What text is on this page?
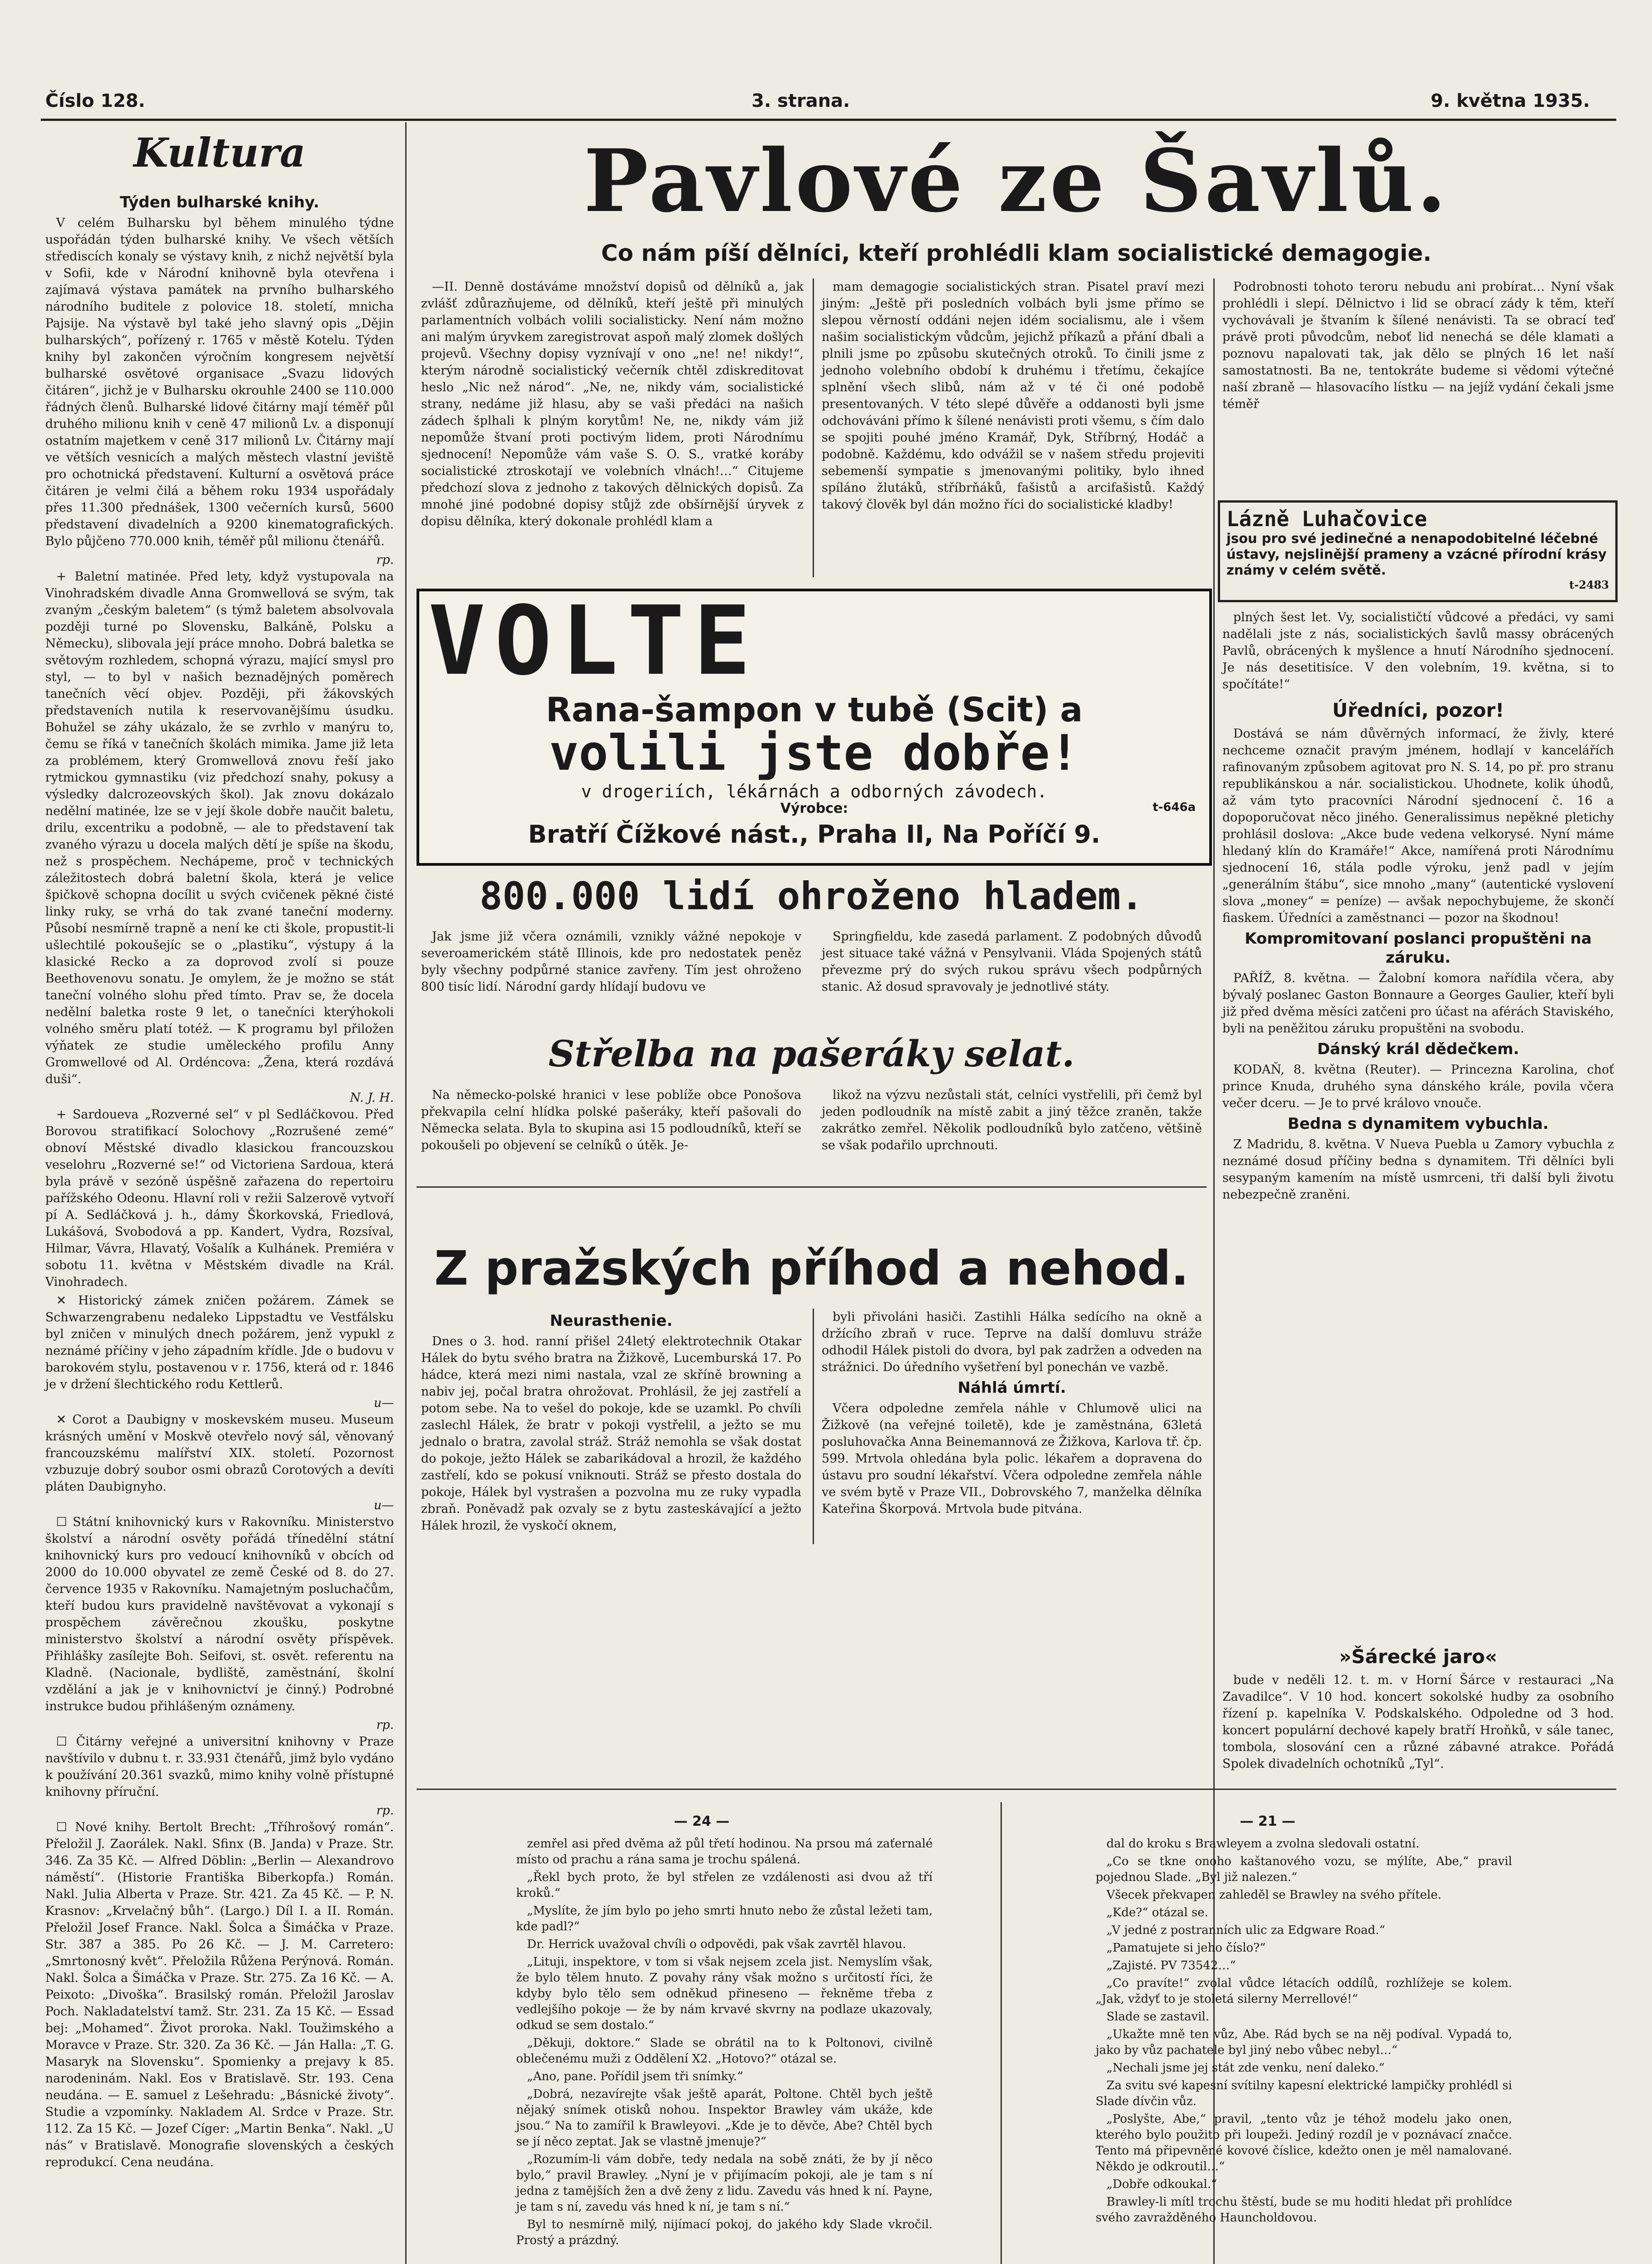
Číslo 128.	3. strana.	9. května 1935.
Kultura
Týden bulharské knihy.

V celém Bulharsku byl během minulého týdne uspořádán týden bulharské knihy. Ve všech větších střediscích konaly se výstavy knih, z nichž největší byla v Sofii, kde v Národní knihovně byla otevřena i zajímavá výstava památek na prvního bulharského národního buditele z polovice 18. století, mnicha Pajsije. Na výstavě byl také jeho slavný opis „Dějin bulharských“, pořízený r. 1765 v městě Kotelu. Týden knihy byl zakončen výročním kongresem největší bulharské osvětové organisace „Svazu lidových čitáren“, jichž je v Bulharsku okrouhle 2400 se 110.000 řádných členů. Bulharské lidové čitárny mají téměř půl druhého milionu knih v ceně 47 milionů Lv. a disponují ostatním majetkem v ceně 317 milionů Lv. Čitárny mají ve větších vesnicích a malých městech vlastní jeviště pro ochotnická představení. Kulturní a osvětová práce čitáren je velmi čilá a během roku 1934 uspořádaly přes 11.300 přednášek, 1300 večerních kursů, 5600 představení divadelních a 9200 kinematografických. Bylo půjčeno 770.000 knih, téměř půl milionu čtenářů.

rp.

+ Baletní matinée. Před lety, když vystupovala na Vinohradském divadle Anna Gromwellová se svým, tak zvaným „českým baletem“ (s týmž baletem absolvovala později turné po Slovensku, Balkáně, Polsku a Německu), slibovala její práce mnoho. Dobrá baletka se světovým rozhledem, schopná výrazu, mající smysl pro styl, — to byl v našich beznadějných poměrech tanečních věcí objev. Později, při žákovských představeních nutila k reservovanějšímu úsudku. Bohužel se záhy ukázalo, že se zvrhlo v manýru to, čemu se říká v tanečních školách mimika. Jame již leta za problémem, který Gromwellová znovu řeší jako rytmickou gymnastiku (viz předchozí snahy, pokusy a výsledky dalcrozeovských škol). Jak znovu dokázalo nedělní matinée, lze se v její škole dobře naučit baletu, drilu, excentriku a podobně, — ale to představení tak zvaného výrazu u docela malých dětí je spíše na škodu, než s prospěchem. Nechápeme, proč v technických záležitostech dobrá baletní škola, která je velice špičkově schopna docílit u svých cvičenek pěkné čisté linky ruky, se vrhá do tak zvané taneční moderny. Působí nesmírně trapně a není ke cti škole, propustit-li ušlechtilé pokoušejíc se o „plastiku“, výstupy á la klasické Recko a za doprovod zvolí si pouze Beethovenovu sonatu. Je omylem, že je možno se stát taneční volného slohu před tímto. Prav se, že docela nedělní baletka roste 9 let, o tanečníci kterýhokoli volného směru platí totéž. — K programu byl přiložen výňatek ze studie uměleckého profilu Anny Gromwellové od Al. Ordéncova: „Žena, která rozdává duši“.

N. J. H.

+ Sardoueva „Rozverné sel“ v pl Sedláčkovou. Před Borovou stratifikací Solochovy „Rozrušené zemé“ obnoví Městské divadlo klasickou francouzskou veselohru „Rozverné se!“ od Victoriena Sardoua, která byla právě v sezóně úspěšně zařazena do repertoiru pařížského Odeonu. Hlavní roli v režii Salzerově vytvoří pí A. Sedláčková j. h., dámy Škorkovská, Friedlová, Lukášová, Svobodová a pp. Kandert, Vydra, Rozsíval, Hilmar, Vávra, Hlavatý, Vošalík a Kulhánek. Premiéra v sobotu 11. května v Městském divadle na Král. Vinohradech.

✕ Historický zámek zničen požárem. Zámek se Schwarzengrabenu nedaleko Lippstadtu ve Vestfálsku byl zničen v minulých dnech požárem, jenž vypukl z neznámé příčiny v jeho západním křídle. Jde o budovu v barokovém stylu, postavenou v r. 1756, která od r. 1846 je v držení šlechtického rodu Kettlerů.

u—

✕ Corot a Daubigny v moskevském museu. Museum krásných umění v Moskvě otevřelo nový sál, věnovaný francouzskému malířství XIX. století. Pozornost vzbuzuje dobrý soubor osmi obrazů Corotových a devíti pláten Daubignyho.

u—

☐ Státní knihovnický kurs v Rakovníku. Ministerstvo školství a národní osvěty pořádá třínedělní státní knihovnický kurs pro vedoucí knihovníků v obcích od 2000 do 10.000 obyvatel ze země České od 8. do 27. července 1935 v Rakovníku. Namajetným posluchačům, kteří budou kurs pravidelně navštěvovat a vykonají s prospěchem závěrečnou zkoušku, poskytne ministerstvo školství a národní osvěty příspěvek. Přihlášky zasílejte Boh. Seifovi, st. osvět. referentu na Kladně. (Nacionale, bydliště, zaměstnání, školní vzdělání a jak je v knihovnictví je činný.) Podrobné instrukce budou přihlášeným oznámeny.

rp.

☐ Čitárny veřejné a universitní knihovny v Praze navštívilo v dubnu t. r. 33.931 čtenářů, jimž bylo vydáno k používání 20.361 svazků, mimo knihy volně přístupné knihovny příruční.

rp.

☐ Nové knihy. Bertolt Brecht: „Tříhrošový román“. Přeložil J. Zaorálek. Nakl. Sfinx (B. Janda) v Praze. Str. 346. Za 35 Kč. — Alfred Döblin: „Berlin — Alexandrovo náměstí“. (Historie Františka Biberkopfa.) Román. Nakl. Julia Alberta v Praze. Str. 421. Za 45 Kč. — P. N. Krasnov: „Krvelačný bůh“. (Largo.) Díl I. a II. Román. Přeložil Josef France. Nakl. Šolca a Šimáčka v Praze. Str. 387 a 385. Po 26 Kč. — J. M. Carretero: „Smrtonosný květ“. Přeložila Růžena Perýnová. Román. Nakl. Šolca a Šimáčka v Praze. Str. 275. Za 16 Kč. — A. Peixoto: „Divoška“. Brasilský román. Přeložil Jaroslav Poch. Nakladatelství tamž. Str. 231. Za 15 Kč. — Essad bej: „Mohamed“. Život proroka. Nakl. Toužimského a Moravce v Praze. Str. 320. Za 36 Kč. — Ján Halla: „T. G. Masaryk na Slovensku“. Spomienky a prejavy k 85. narodeninám. Nakl. Eos v Bratislavě. Str. 193. Cena neudána. — E. samuel z Lešehradu: „Básnické životy“. Studie a vzpomínky. Nakladem Al. Srdce v Praze. Str. 112. Za 15 Kč. — Jozef Cíger: „Martin Benka“. Nakl. „U nás“ v Bratislavě. Monografie slovenských a českých reprodukcí. Cena neudána.

Pavlové ze Šavlů.
Co nám píší dělníci, kteří prohlédli klam socialistické demagogie.

—II. Denně dostáváme množství dopisů od dělníků a, jak zvlášť zdůrazňujeme, od dělníků, kteří ještě při minulých parlamentních volbách volili socialisticky. Není nám možno ani malým úryvkem zaregistrovat aspoň malý zlomek došlých projevů. Všechny dopisy vyznívají v ono „ne! ne! nikdy!“, kterým národně socialistický večerník chtěl zdiskreditovat heslo „Nic než národ“. „Ne, ne, nikdy vám, socialistické strany, nedáme již hlasu, aby se vaši předáci na našich zádech šplhali k plným korytům! Ne, ne, nikdy vám již nepomůže štvaní proti poctivým lidem, proti Národnímu sjednocení! Nepomůže vám vaše S. O. S., vratké koráby socialistické ztroskotají ve volebních vlnách!…“ Citujeme předchozí slova z jednoho z takových dělnických dopisů. Za mnohé jiné podobné dopisy stůjž zde obšírnější úryvek z dopisu dělníka, který dokonale prohlédl klam a

mam demagogie socialistických stran. Pisatel praví mezi jiným: „Ještě při posledních volbách byli jsme přímo se slepou věrností oddáni nejen idém socialismu, ale i všem našim socialistickým vůdcům, jejichž příkazů a přání dbali a plnili jsme po způsobu skutečných otroků. To činili jsme z jednoho volebního období k druhému i třetímu, čekajíce splnění všech slibů, nám až v té či oné podobě presentovaných. V této slepé důvěře a oddanosti byli jsme odchováváni přímo k šílené nenávisti proti všemu, s čím dalo se spojiti pouhé jméno Kramář, Dyk, Stříbrný, Hodáč a podobně. Každému, kdo odvážil se v našem středu projeviti sebemenší sympatie s jmenovanými politiky, bylo ihned spíláno žlutáků, stříbrňáků, fašistů a arcifašistů. Každý takový člověk byl dán možno říci do socialistické kladby!

Podrobnosti tohoto teroru nebudu ani probírat… Nyní však prohlédli i slepí. Dělnictvo i lid se obrací zády k těm, kteří vychovávali je štvaním k šílené nenávisti. Ta se obrací teď právě proti původcům, neboť lid nenechá se déle klamati a poznovu napalovati tak, jak dělo se plných 16 let naší samostatnosti. Ba ne, tentokráte budeme si vědomi výtečné naší zbraně — hlasovacího lístku — na jejíž vydání čekali jsme téměř

Lázně Luhačovice
jsou pro své jedinečné a nenapodobitelné léčebné ústavy, nejslinější prameny a vzácné přírodní krásy známy v celém světě.
t-2483

plných šest let. Vy, socialističtí vůdcové a předáci, vy sami nadělali jste z nás, socialistických šavlů massy obrácených Pavlů, obrácených k myšlence a hnutí Národního sjednocení. Je nás desetitisíce. V den volebním, 19. května, si to spočítáte!“

Úředníci, pozor!

Dostává se nám důvěrných informací, že živly, které nechceme označit pravým jménem, hodlají v kancelářích rafinovaným způsobem agitovat pro N. S. 14, po př. pro stranu republikánskou a nár. socialistickou. Uhodnete, kolik úhodů, až vám tyto pracovníci Národní sjednocení č. 16 a dopoporučovat něco jiného. Generalissimus nepěkné pletichy prohlásil doslova: „Akce bude vedena velkorysé. Nyní máme hledaný klín do Kramáře!“ Akce, namířená proti Národnímu sjednocení 16, stála podle výroku, jenž padl v jejím „generálním štábu“, sice mnoho „many“ (autentické vyslovení slova „money“ = peníze) — avšak nepochybujeme, že skončí fiaskem. Úředníci a zaměstnanci — pozor na škodnou!

Kompromitovaní poslanci propuštěni na záruku.

PAŘÍŽ, 8. května. — Žalobní komora nařídila včera, aby bývalý poslanec Gaston Bonnaure a Georges Gaulier, kteří byli již před dvěma měsíci zatčeni pro účast na aférách Staviského, byli na peněžitou záruku propuštěni na svobodu.

Dánský král dědečkem.

KODAŇ, 8. května (Reuter). — Princezna Karolina, choť prince Knuda, druhého syna dánského krále, povila včera večer dceru. — Je to prvé královo vnouče.

Bedna s dynamitem vybuchla.

Z Madridu, 8. května. V Nueva Puebla u Zamory vybuchla z neznámé dosud příčiny bedna s dynamitem. Tři dělníci byli sesypaným kamením na místě usmrceni, tři další byli životu nebezpečně zraněni.

VOLTE
Rana-šampon v tubě (Scit) a
volili jste dobře!
v drogeriích, lékárnách a odborných závodech.
Výrobce:	t-646a
Bratří Čížkové nást., Praha II, Na Poříčí 9.
800.000 lidí ohroženo hladem.

Jak jsme již včera oznámili, vznikly vážné nepokoje v severoamerickém státě Illinois, kde pro nedostatek peněz byly všechny podpůrné stanice zavřeny. Tím jest ohroženo 800 tisíc lidí. Národní gardy hlídají budovu ve

Springfieldu, kde zasedá parlament. Z podobných důvodů jest situace také vážná v Pensylvanii. Vláda Spojených států převezme prý do svých rukou správu všech podpůrných stanic. Až dosud spravovaly je jednotlivé státy.

Střelba na pašeráky selat.

Na německo-polské hranici v lese poblíže obce Ponošova překvapila celní hlídka polské pašeráky, kteří pašovali do Německa selata. Byla to skupina asi 15 podloudníků, kteří se pokoušeli po objevení se celníků o útěk. Je-

likož na výzvu nezůstali stát, celníci vystřelili, při čemž byl jeden podloudník na místě zabit a jiný těžce zraněn, takže zakrátko zemřel. Několik podloudníků bylo zatčeno, většině se však podařilo uprchnouti.

Z pražských příhod a nehod.
Neurasthenie.

Dnes o 3. hod. ranní přišel 24letý elektrotechnik Otakar Hálek do bytu svého bratra na Žižkově, Lucemburská 17. Po hádce, která mezi nimi nastala, vzal ze skříně browning a nabiv jej, počal bratra ohrožovat. Prohlásil, že jej zastřelí a potom sebe. Na to vešel do pokoje, kde se uzamkl. Po chvíli zaslechl Hálek, že bratr v pokoji vystřelil, a ježto se mu jednalo o bratra, zavolal stráž. Stráž nemohla se však dostat do pokoje, ježto Hálek se zabarikádoval a hrozil, že každého zastřelí, kdo se pokusí vniknouti. Stráž se přesto dostala do pokoje, Hálek byl vystrašen a pozvolna mu ze ruky vypadla zbraň. Poněvadž pak ozvaly se z bytu zasteskávající a ježto Hálek hrozil, že vyskočí oknem,

byli přivoláni hasiči. Zastihli Hálka sedícího na okně a držícího zbraň v ruce. Teprve na další domluvu stráže odhodil Hálek pistoli do dvora, byl pak zadržen a odveden na strážnici. Do úředního vyšetření byl ponechán ve vazbě.

Náhlá úmrtí.

Včera odpoledne zemřela náhle v Chlumově ulici na Žižkově (na veřejné toiletě), kde je zaměstnána, 63letá posluhovačka Anna Beinemannová ze Žižkova, Karlova tř. čp. 599. Mrtvola ohledána byla polic. lékařem a dopravena do ústavu pro soudní lékařství. Včera odpoledne zemřela náhle ve svém bytě v Praze VII., Dobrovského 7, manželka dělníka Kateřina Škorpová. Mrtvola bude pitvána.

»Šárecké jaro«

bude v neděli 12. t. m. v Horní Šárce v restauraci „Na Zavadilce“. V 10 hod. koncert sokolské hudby za osobního řízení p. kapelníka V. Podskalského. Odpoledne od 3 hod. koncert populární dechové kapely bratří Hroňků, v sále tanec, tombola, slosování cen a různé zábavné atrakce. Pořádá Spolek divadelních ochotníků „Tyl“.

— 24 —	— 21 —

zemřel asi před dvěma až půl třetí hodinou. Na prsou má zaťernalé místo od prachu a rána sama je trochu spálená.

„Řekl bych proto, že byl střelen ze vzdálenosti asi dvou až tří kroků.“

„Myslíte, že jím bylo po jeho smrti hnuto nebo že zůstal ležeti tam, kde padl?“

Dr. Herrick uvažoval chvíli o odpovědi, pak však zavrtěl hlavou.

„Lituji, inspektore, v tom si však nejsem zcela jist. Nemyslím však, že bylo tělem hnuto. Z povahy rány však možno s určitostí říci, že kdyby bylo tělo sem odněkud přineseno — řekněme třeba z vedlejšího pokoje — že by nám krvavé skvrny na podlaze ukazovaly, odkud se sem dostalo.“

„Děkuji, doktore.“ Slade se obrátil na to k Poltonovi, civilně oblečenému muži z Oddělení X2. „Hotovo?“ otázal se.

„Ano, pane. Pořídil jsem tři snímky.“

„Dobrá, nezavírejte však ještě aparát, Poltone. Chtěl bych ještě nějaký snímek otisků nohou. Inspektor Brawley vám ukáže, kde jsou.“ Na to zamířil k Brawleyovi. „Kde je to děvče, Abe? Chtěl bych se jí něco zeptat. Jak se vlastně jmenuje?“

„Rozumím-li vám dobře, tedy nedala na sobě znáti, že by jí něco bylo,“ pravil Brawley. „Nyní je v přijímacím pokoji, ale je tam s ní jedna z tamějších žen a dvě ženy z lidu. Zavedu vás hned k ní. Payne, je tam s ní, zavedu vás hned k ní, je tam s ní.“

Byl to nesmírně milý, nijímací pokoj, do jakého kdy Slade vkročil. Prostý a prázdný.

dal do kroku s Brawleyem a zvolna sledovali ostatní.

„Co se tkne onoho kaštanového vozu, se mýlíte, Abe,“ pravil pojednou Slade. „Byl již nalezen.“

Všecek překvapen zahleděl se Brawley na svého přítele.

„Kde?“ otázal se.

„V jedné z postranních ulic za Edgware Road.“

„Pamatujete si jeho číslo?“

„Zajisté. PV 73542…“

„Co pravíte!“ zvolal vůdce létacích oddílů, rozhlížeje se kolem. „Jak, vždyť to je stoletá silerny Merrellové!“

Slade se zastavil.

„Ukažte mně ten vůz, Abe. Rád bych se na něj podíval. Vypadá to, jako by vůz pachatele byl jiný nebo vůbec nebyl…“

„Nechali jsme jej stát zde venku, není daleko.“

Za svitu své kapesní svítilny kapesní elektrické lampičky prohlédl si Slade dívčin vůz.

„Poslyšte, Abe,“ pravil, „tento vůz je téhož modelu jako onen, kterého bylo použito při loupeži. Jediný rozdíl je v poznávací značce. Tento má připevněné kovové číslice, kdežto onen je měl namalované. Někdo je odkroutil…“

„Dobře odkoukal.“

Brawley-li mítl trochu štěstí, bude se mu hoditi hledat při prohlídce svého zavražděného Hauncholdovou.
